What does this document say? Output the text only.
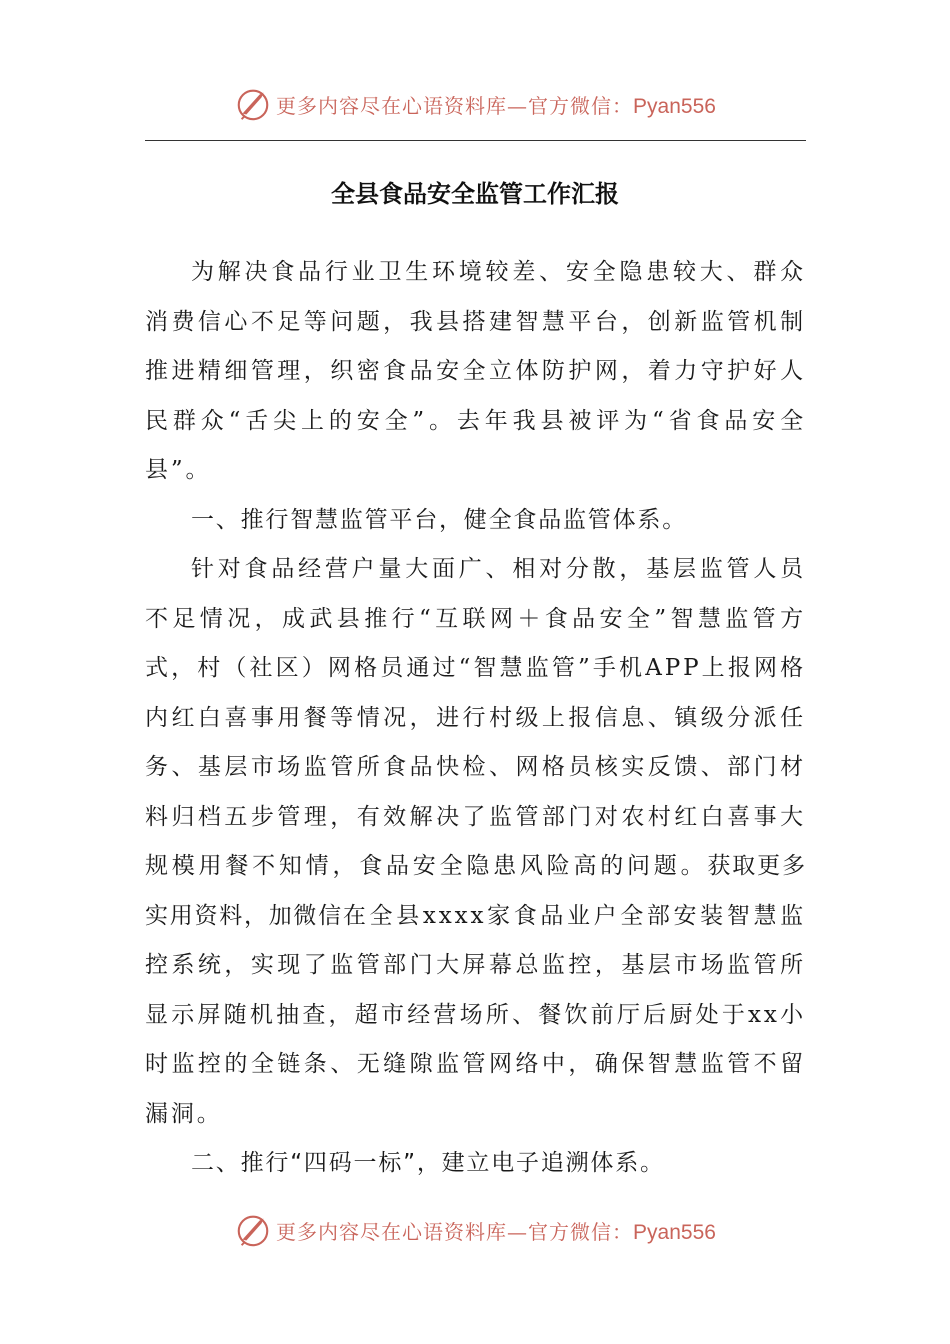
更多内容尽在心语资料库—官方微信：Pyan556
全县食品安全监管工作汇报

为解决食品行业卫生环境较差、安全隐患较大、群众消费信心不足等问题，我县搭建智慧平台，创新监管机制推进精细管理，织密食品安全立体防护网，着力守护好人民群众“舌尖上的安全”。去年我县被评为“省食品安全县”。

一、推行智慧监管平台，健全食品监管体系。

针对食品经营户量大面广、相对分散，基层监管人员不足情况，成武县推行“互联网＋食品安全”智慧监管方式，村（社区）网格员通过“智慧监管”手机APP上报网格内红白喜事用餐等情况，进行村级上报信息、镇级分派任务、基层市场监管所食品快检、网格员核实反馈、部门材料归档五步管理，有效解决了监管部门对农村红白喜事大规模用餐不知情，食品安全隐患风险高的问题。获取更多实用资料，加微信在全县xxxx家食品业户全部安装智慧监控系统，实现了监管部门大屏幕总监控，基层市场监管所显示屏随机抽查，超市经营场所、餐饮前厅后厨处于xx小时监控的全链条、无缝隙监管网络中，确保智慧监管不留漏洞。

二、推行“四码一标”，建立电子追溯体系。

更多内容尽在心语资料库—官方微信：Pyan556
